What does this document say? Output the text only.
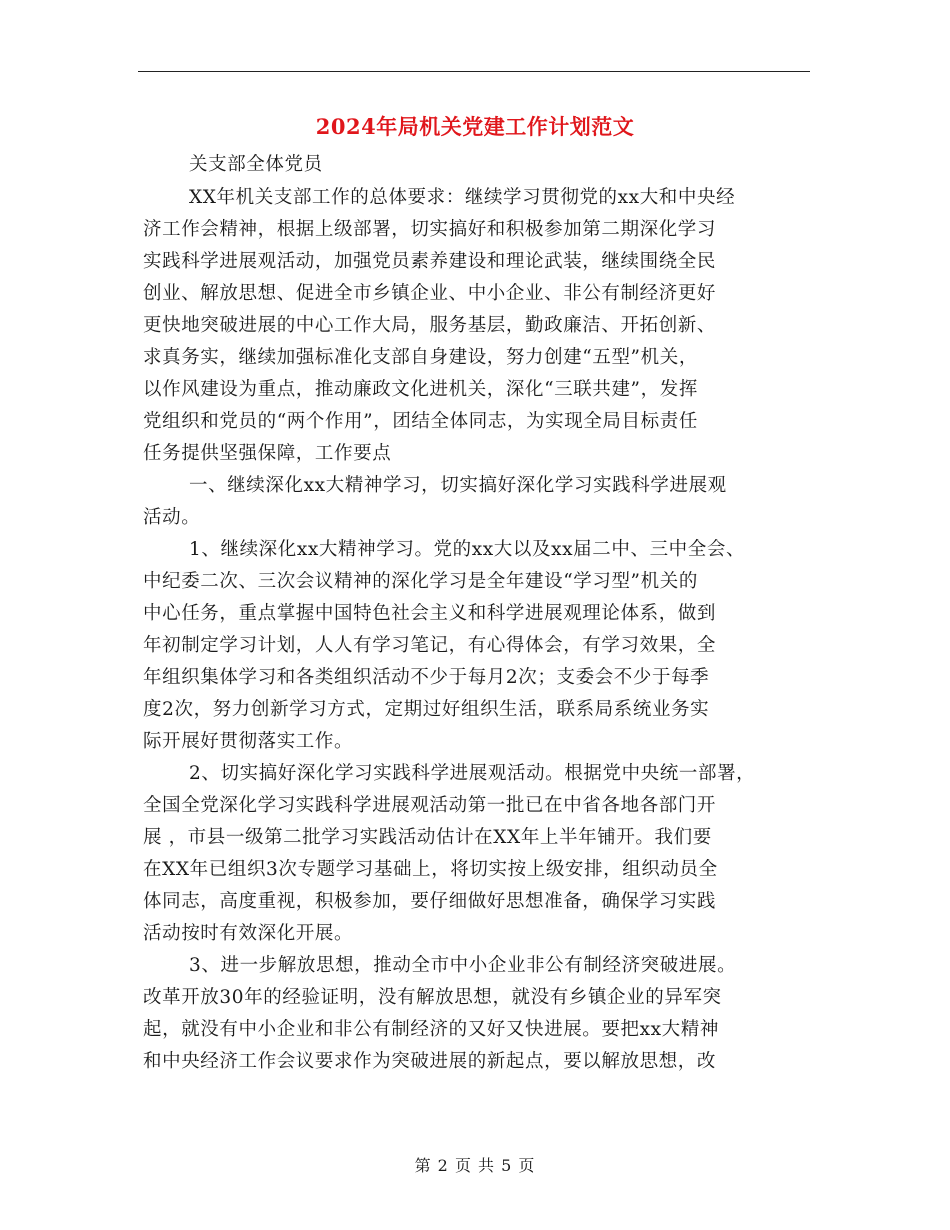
2024年局机关党建工作计划范文
关支部全体党员
XX年机关支部工作的总体要求：继续学习贯彻党的xx大和中央经
济工作会精神，根据上级部署，切实搞好和积极参加第二期深化学习
实践科学进展观活动，加强党员素养建设和理论武装，继续围绕全民
创业、解放思想、促进全市乡镇企业、中小企业、非公有制经济更好
更快地突破进展的中心工作大局，服务基层，勤政廉洁、开拓创新、
求真务实，继续加强标准化支部自身建设，努力创建“五型”机关，
以作风建设为重点，推动廉政文化进机关，深化“三联共建”，发挥
党组织和党员的“两个作用”，团结全体同志，为实现全局目标责任
任务提供坚强保障，工作要点
一、继续深化xx大精神学习，切实搞好深化学习实践科学进展观
活动。
1、继续深化xx大精神学习。党的xx大以及xx届二中、三中全会、
中纪委二次、三次会议精神的深化学习是全年建设“学习型”机关的
中心任务，重点掌握中国特色社会主义和科学进展观理论体系，做到
年初制定学习计划，人人有学习笔记，有心得体会，有学习效果，全
年组织集体学习和各类组织活动不少于每月2次；支委会不少于每季
度2次，努力创新学习方式，定期过好组织生活，联系局系统业务实
际开展好贯彻落实工作。
2、切实搞好深化学习实践科学进展观活动。根据党中央统一部署，
全国全党深化学习实践科学进展观活动第一批已在中省各地各部门开
展 ，市县一级第二批学习实践活动估计在XX年上半年铺开。我们要
在XX年已组织3次专题学习基础上，将切实按上级安排，组织动员全
体同志，高度重视，积极参加，要仔细做好思想准备，确保学习实践
活动按时有效深化开展。
3、进一步解放思想，推动全市中小企业非公有制经济突破进展。
改革开放30年的经验证明，没有解放思想，就没有乡镇企业的异军突
起，就没有中小企业和非公有制经济的又好又快进展。要把xx大精神
和中央经济工作会议要求作为突破进展的新起点，要以解放思想，改
第 2 页 共 5 页
